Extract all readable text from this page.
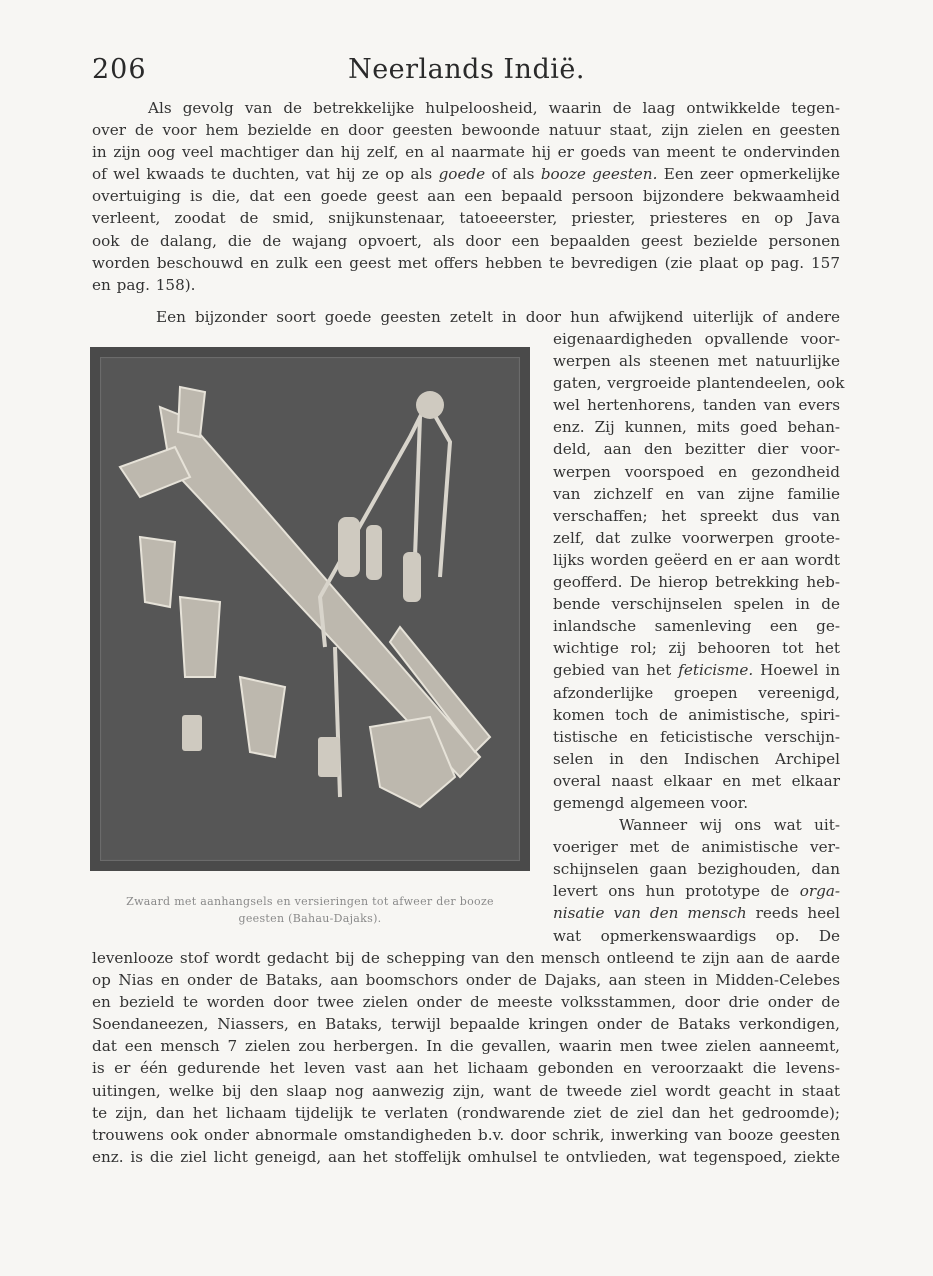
206	Neerlands Indië.
Als gevolg van de betrekkelijke hulpeloosheid, waarin de laag ontwikkelde tegen-
over de voor hem bezielde en door geesten bewoonde natuur staat, zijn zielen en geesten
in zijn oog veel machtiger dan hij zelf, en al naarmate hij er goeds van meent te ondervinden
of wel kwaads te duchten, vat hij ze op als goede of als booze geesten. Een zeer opmerkelijke
overtuiging is die, dat een goede geest aan een bepaald persoon bijzondere bekwaamheid
verleent, zoodat de smid, snijkunstenaar, tatoeeerster, priester, priesteres en op Java
ook de dalang, die de wajang opvoert, als door een bepaalden geest bezielde personen
worden beschouwd en zulk een geest met offers hebben te bevredigen (zie plaat op pag. 157
en pag. 158).
Een bijzonder soort goede geesten zetelt in door hun afwijkend uiterlijk of andere
Zwaard met aanhangsels en versieringen tot afweer der booze
geesten (Bahau-Dajaks).
eigenaardigheden opvallende voor-
werpen als steenen met natuurlijke
gaten, vergroeide plantendeelen, ook
wel hertenhorens, tanden van evers
enz. Zij kunnen, mits goed behan-
deld, aan den bezitter dier voor-
werpen voorspoed en gezondheid
van zichzelf en van zijne familie
verschaffen; het spreekt dus van
zelf, dat zulke voorwerpen groote-
lijks worden geëerd en er aan wordt
geofferd. De hierop betrekking heb-
bende verschijnselen spelen in de
inlandsche samenleving een ge-
wichtige rol; zij behooren tot het
gebied van het feticisme. Hoewel in
afzonderlijke groepen vereenigd,
komen toch de animistische, spiri-
tistische en feticistische verschijn-
selen in den Indischen Archipel
overal naast elkaar en met elkaar
gemengd algemeen voor.
Wanneer wij ons wat uit-
voeriger met de animistische ver-
schijnselen gaan bezighouden, dan
levert ons hun prototype de orga-
nisatie van den mensch reeds heel
wat opmerkenswaardigs op. De
levenlooze stof wordt gedacht bij de schepping van den mensch ontleend te zijn aan de aarde
op Nias en onder de Bataks, aan boomschors onder de Dajaks, aan steen in Midden-Celebes
en bezield te worden door twee zielen onder de meeste volksstammen, door drie onder de
Soendaneezen, Niassers, en Bataks, terwijl bepaalde kringen onder de Bataks verkondigen,
dat een mensch 7 zielen zou herbergen. In die gevallen, waarin men twee zielen aanneemt,
is er één gedurende het leven vast aan het lichaam gebonden en veroorzaakt die levens-
uitingen, welke bij den slaap nog aanwezig zijn, want de tweede ziel wordt geacht in staat
te zijn, dan het lichaam tijdelijk te verlaten (rondwarende ziet de ziel dan het gedroomde);
trouwens ook onder abnormale omstandigheden b.v. door schrik, inwerking van booze geesten
enz. is die ziel licht geneigd, aan het stoffelijk omhulsel te ontvlieden, wat tegenspoed, ziekte
